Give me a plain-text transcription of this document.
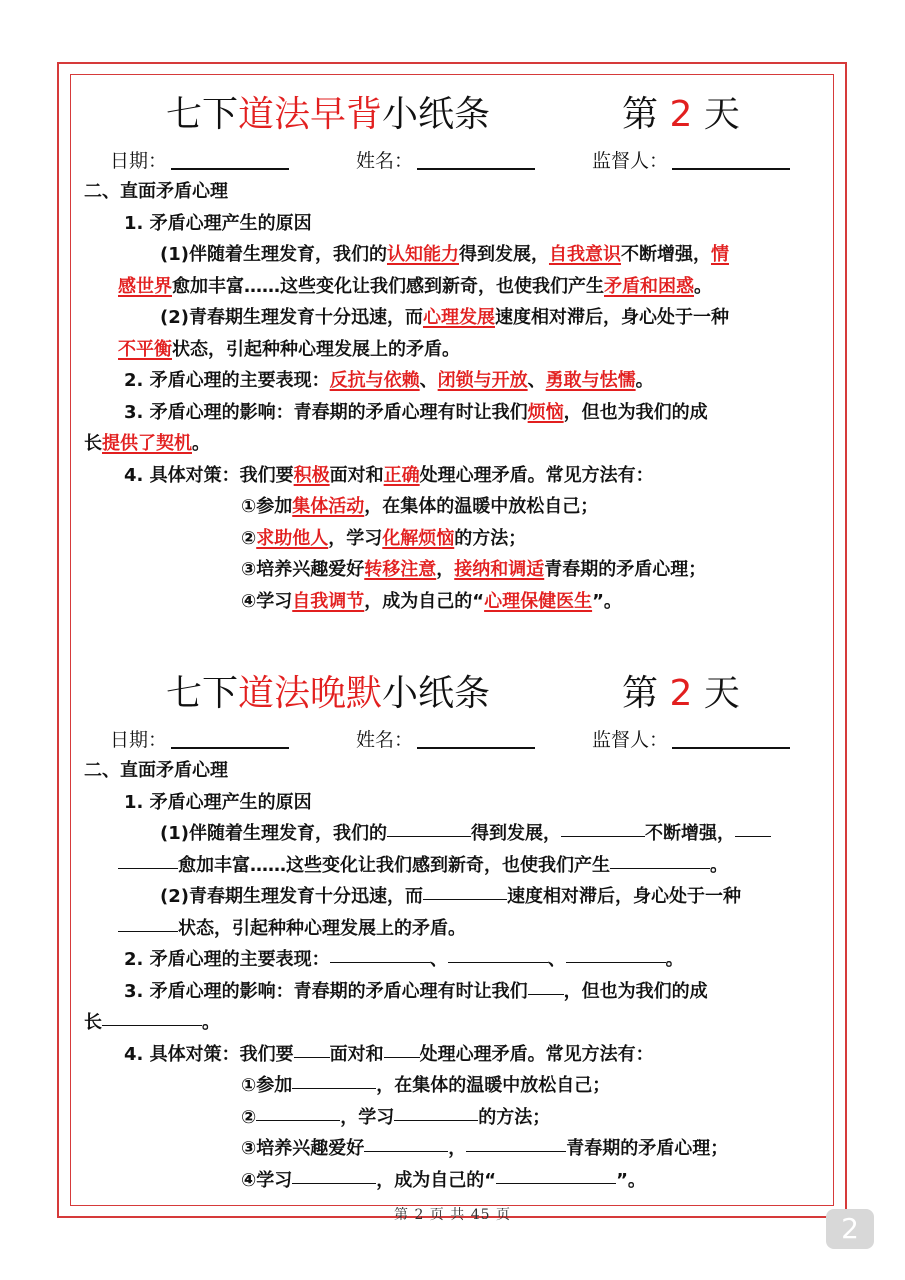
七下道法早背小纸条	第 2 天
日期：	姓名：	监督人：
二、直面矛盾心理
1. 矛盾心理产生的原因
(1)伴随着生理发育，我们的认知能力得到发展，自我意识不断增强，情
感世界愈加丰富……这些变化让我们感到新奇，也使我们产生矛盾和困惑。
(2)青春期生理发育十分迅速，而心理发展速度相对滞后，身心处于一种
不平衡状态，引起种种心理发展上的矛盾。
2. 矛盾心理的主要表现：反抗与依赖、闭锁与开放、勇敢与怯懦。
3. 矛盾心理的影响：青春期的矛盾心理有时让我们烦恼，但也为我们的成
长提供了契机。
4. 具体对策：我们要积极面对和正确处理心理矛盾。常见方法有：
①参加集体活动，在集体的温暖中放松自己；
②求助他人，学习化解烦恼的方法；
③培养兴趣爱好转移注意，接纳和调适青春期的矛盾心理；
④学习自我调节，成为自己的“心理保健医生”。
七下道法晚默小纸条	第 2 天
日期：	姓名：	监督人：
二、直面矛盾心理
1. 矛盾心理产生的原因
(1)伴随着生理发育，我们的	得到发展，	不断增强，
愈加丰富……这些变化让我们感到新奇，也使我们产生	。
(2)青春期生理发育十分迅速，而	速度相对滞后，身心处于一种
状态，引起种种心理发展上的矛盾。
2. 矛盾心理的主要表现：	、	、	。
3. 矛盾心理的影响：青春期的矛盾心理有时让我们 ，但也为我们的成
长	。
4. 具体对策：我们要 面对和 处理心理矛盾。常见方法有：
①参加	，在集体的温暖中放松自己；
②	，学习	的方法；
③培养兴趣爱好	，	青春期的矛盾心理；
④学习	，成为自己的“	”。
第 2 页 共 45 页	2
